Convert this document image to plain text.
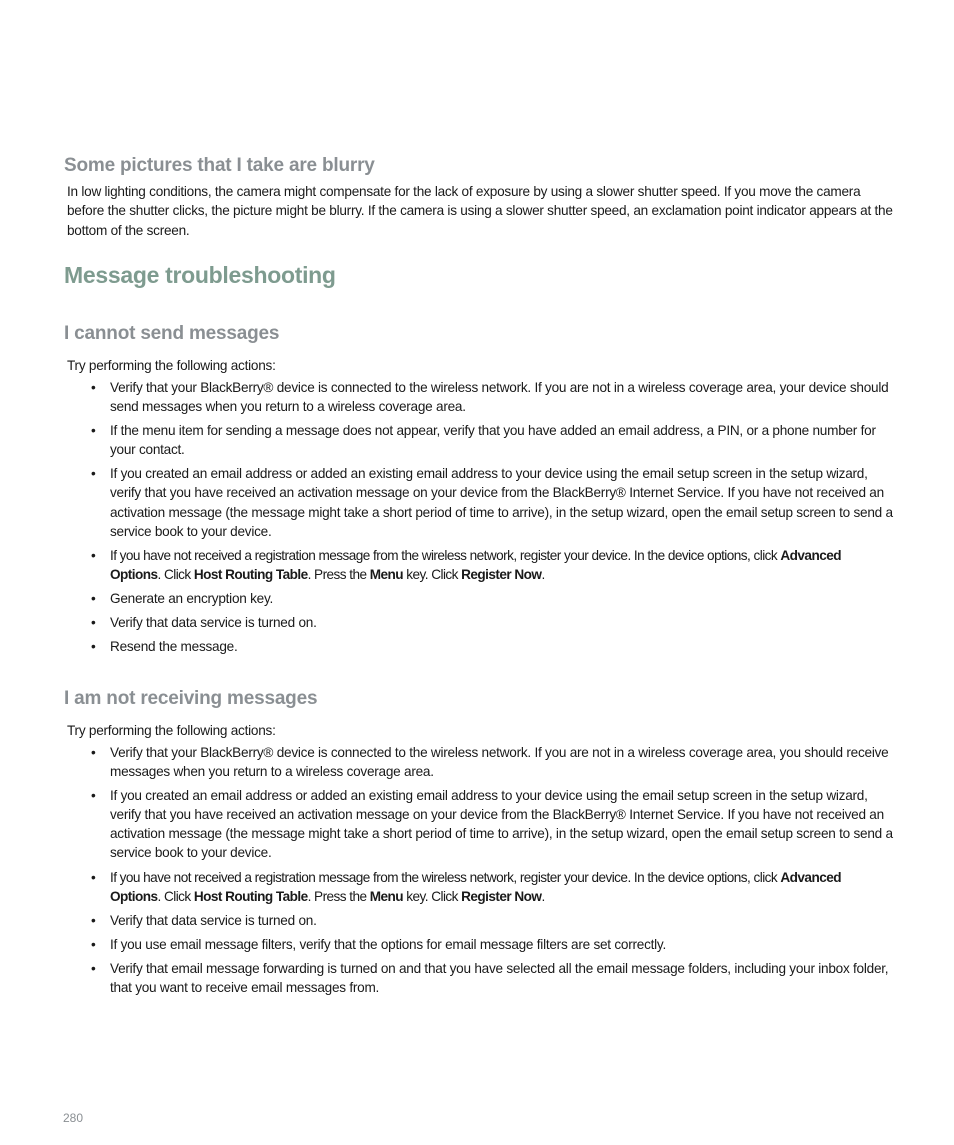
Some pictures that I take are blurry

In low lighting conditions, the camera might compensate for the lack of exposure by using a slower shutter speed. If you move the camera before the shutter clicks, the picture might be blurry. If the camera is using a slower shutter speed, an exclamation point indicator appears at the bottom of the screen.

Message troubleshooting
I cannot send messages

Try performing the following actions:

• Verify that your BlackBerry® device is connected to the wireless network. If you are not in a wireless coverage area, your device should send messages when you return to a wireless coverage area.
• If the menu item for sending a message does not appear, verify that you have added an email address, a PIN, or a phone number for your contact.
• If you created an email address or added an existing email address to your device using the email setup screen in the setup wizard, verify that you have received an activation message on your device from the BlackBerry® Internet Service. If you have not received an activation message (the message might take a short period of time to arrive), in the setup wizard, open the email setup screen to send a service book to your device.
• If you have not received a registration message from the wireless network, register your device. In the device options, click Advanced Options. Click Host Routing Table. Press the Menu key. Click Register Now.
• Generate an encryption key.
• Verify that data service is turned on.
• Resend the message.
I am not receiving messages

Try performing the following actions:

• Verify that your BlackBerry® device is connected to the wireless network. If you are not in a wireless coverage area, you should receive messages when you return to a wireless coverage area.
• If you created an email address or added an existing email address to your device using the email setup screen in the setup wizard, verify that you have received an activation message on your device from the BlackBerry® Internet Service. If you have not received an activation message (the message might take a short period of time to arrive), in the setup wizard, open the email setup screen to send a service book to your device.
• If you have not received a registration message from the wireless network, register your device. In the device options, click Advanced Options. Click Host Routing Table. Press the Menu key. Click Register Now.
• Verify that data service is turned on.
• If you use email message filters, verify that the options for email message filters are set correctly.
• Verify that email message forwarding is turned on and that you have selected all the email message folders, including your inbox folder, that you want to receive email messages from.

280
